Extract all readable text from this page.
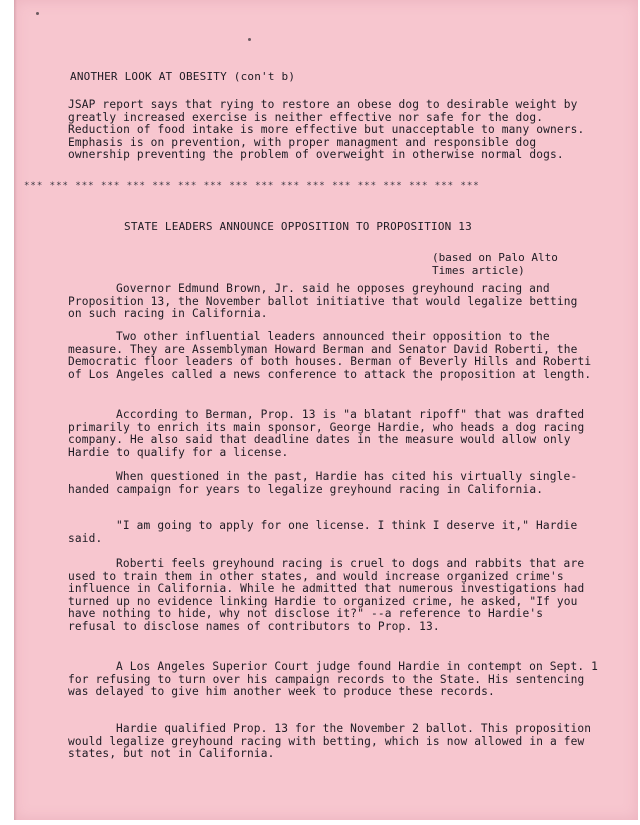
ANOTHER LOOK AT OBESITY (con't b)

JSAP report says that rying to restore an obese dog to desirable weight by greatly increased exercise is neither effective nor safe for the dog. Reduction of food intake is more effective but unacceptable to many owners. Emphasis is on prevention, with proper managment and responsible dog ownership preventing the problem of overweight in otherwise normal dogs.

*** *** *** *** *** *** *** *** *** *** *** *** *** *** *** *** *** ***
STATE LEADERS ANNOUNCE OPPOSITION TO PROPOSITION 13

(based on Palo Alto Times article)

Governor Edmund Brown, Jr. said he opposes greyhound racing and Proposition 13, the November ballot initiative that would legalize betting on such racing in California.

Two other influential leaders announced their opposition to the measure. They are Assemblyman Howard Berman and Senator David Roberti, the Democratic floor leaders of both houses. Berman of Beverly Hills and Roberti of Los Angeles called a news conference to attack the proposition at length.

According to Berman, Prop. 13 is "a blatant ripoff" that was drafted primarily to enrich its main sponsor, George Hardie, who heads a dog racing company. He also said that deadline dates in the measure would allow only Hardie to qualify for a license.

When questioned in the past, Hardie has cited his virtually single-handed campaign for years to legalize greyhound racing in California.

"I am going to apply for one license. I think I deserve it," Hardie said.

Roberti feels greyhound racing is cruel to dogs and rabbits that are used to train them in other states, and would increase organized crime's influence in California. While he admitted that numerous investigations had turned up no evidence linking Hardie to organized crime, he asked, "If you have nothing to hide, why not disclose it?" --a reference to Hardie's refusal to disclose names of contributors to Prop. 13.

A Los Angeles Superior Court judge found Hardie in contempt on Sept. 1 for refusing to turn over his campaign records to the State. His sentencing was delayed to give him another week to produce these records.

Hardie qualified Prop. 13 for the November 2 ballot. This proposition would legalize greyhound racing with betting, which is now allowed in a few states, but not in California.
